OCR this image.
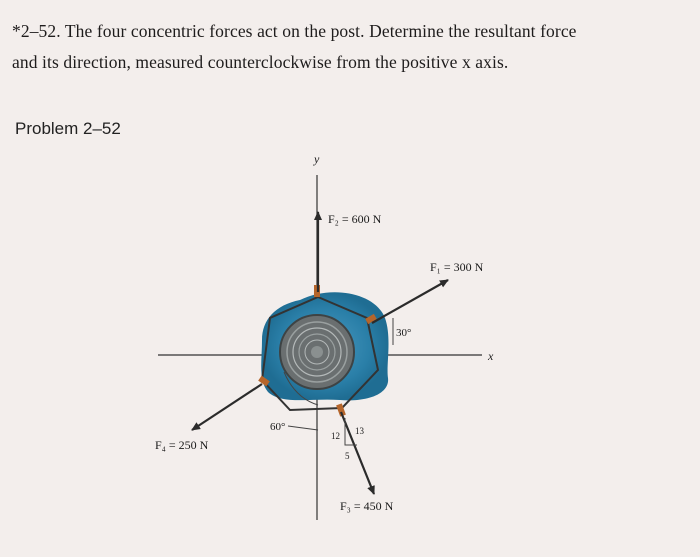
*2–52. The four concentric forces act on the post. Determine the resultant force
and its direction, measured counterclockwise from the positive x axis.
Problem 2–52
y
x
F₂ = 600 N
F₁ = 300 N
F₄ = 250 N
F₃ = 450 N
30°
60°
12 13
5
